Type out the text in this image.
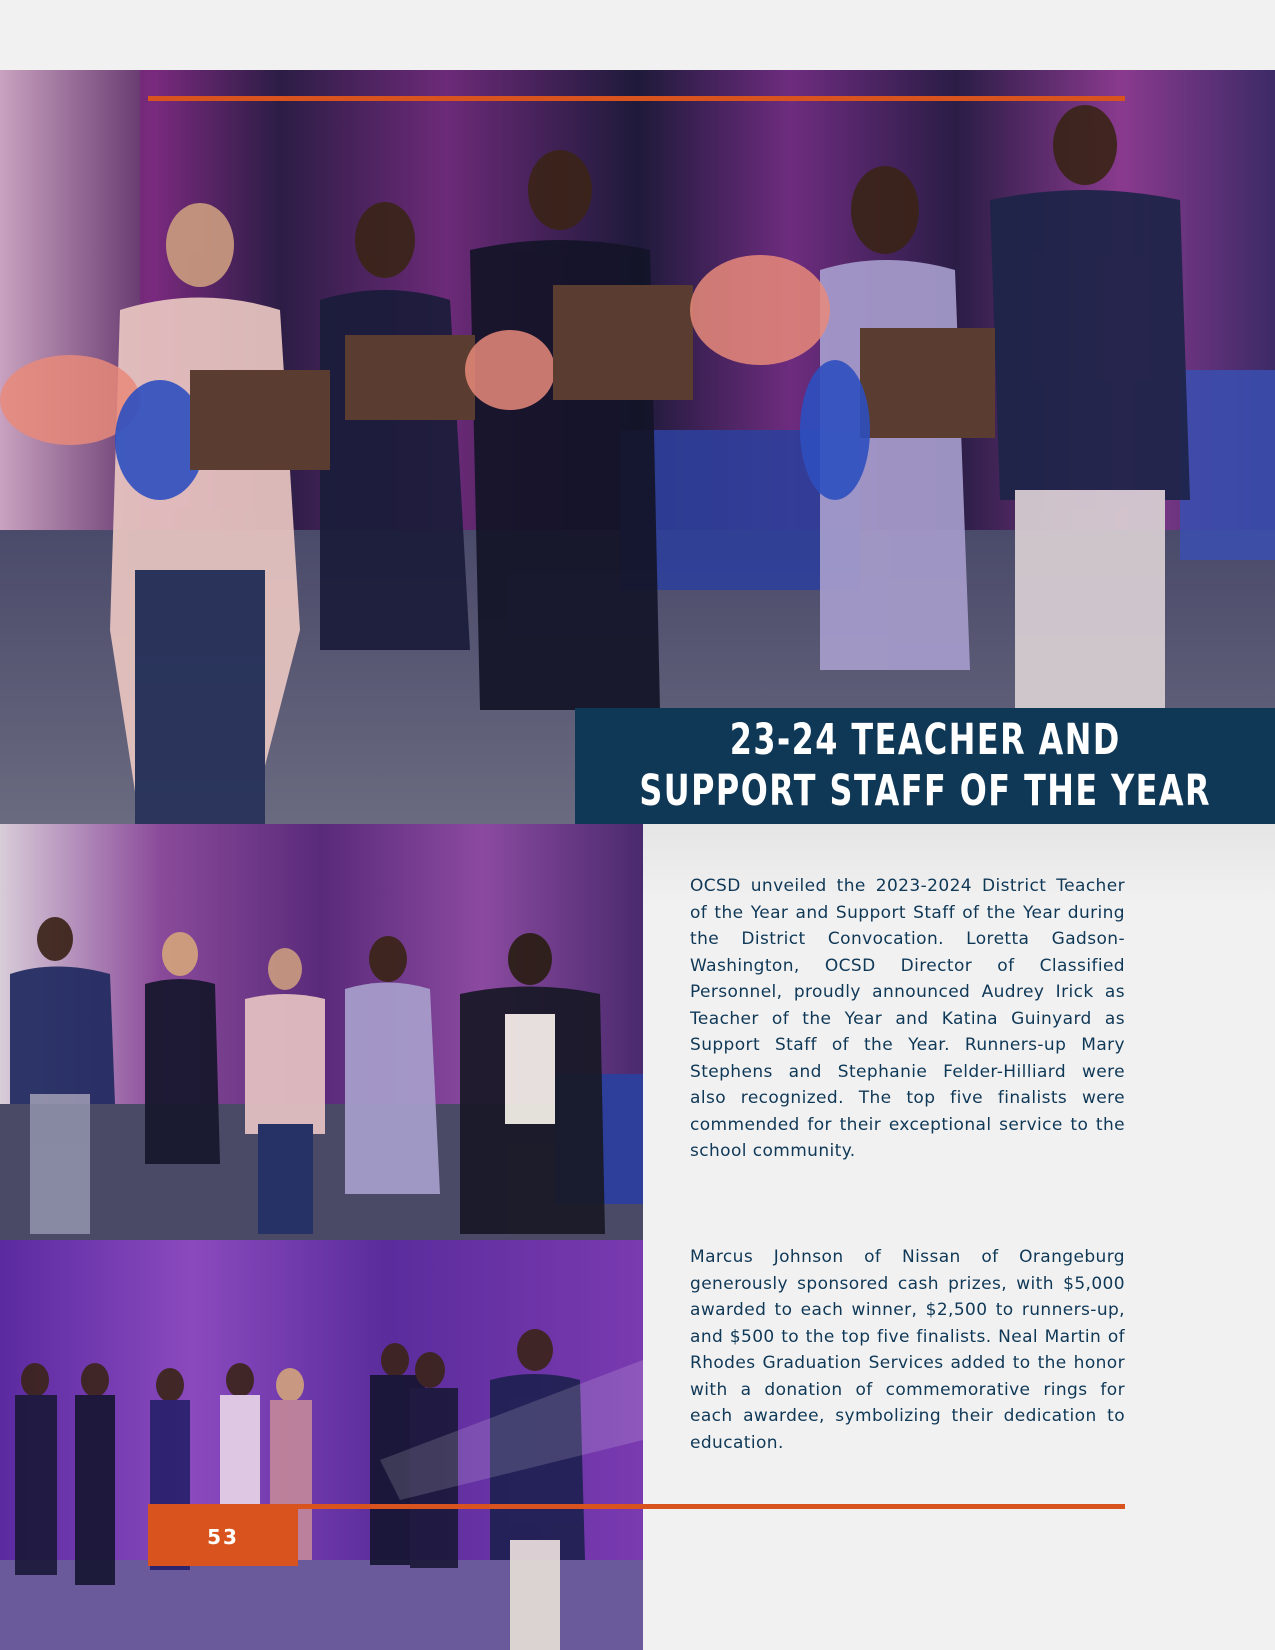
23-24 TEACHER AND
SUPPORT STAFF OF THE YEAR

OCSD unveiled the 2023-2024 District Teacher of the Year and Support Staff of the Year during the District Convocation. Loretta Gadson-Washington, OCSD Director of Classified Personnel, proudly announced Audrey Irick as Teacher of the Year and Katina Guinyard as Support Staff of the Year. Runners-up Mary Stephens and Stephanie Felder-Hilliard were also recognized. The top five finalists were commended for their exceptional service to the school community.

Marcus Johnson of Nissan of Orangeburg generously sponsored cash prizes, with $5,000 awarded to each winner, $2,500 to runners-up, and $500 to the top five finalists. Neal Martin of Rhodes Graduation Services added to the honor with a donation of commemorative rings for each awardee, symbolizing their dedication to education.

53
